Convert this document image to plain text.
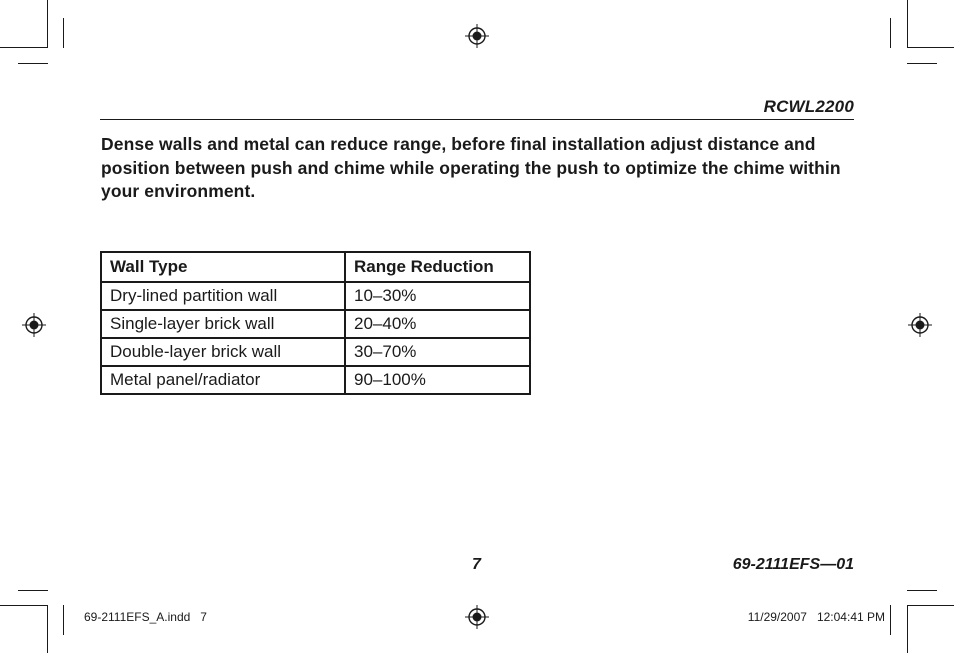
RCWL2200
Dense walls and metal can reduce range, before final installation adjust distance and position between push and chime while operating the push to optimize the chime within your environment.
Wall Type	Range Reduction
Dry-lined partition wall	10–30%
Single-layer brick wall	20–40%
Double-layer brick wall	30–70%
Metal panel/radiator	90–100%
7	69-2111EFS—01
69-2111EFS_A.indd   7	11/29/2007   12:04:41 PM
